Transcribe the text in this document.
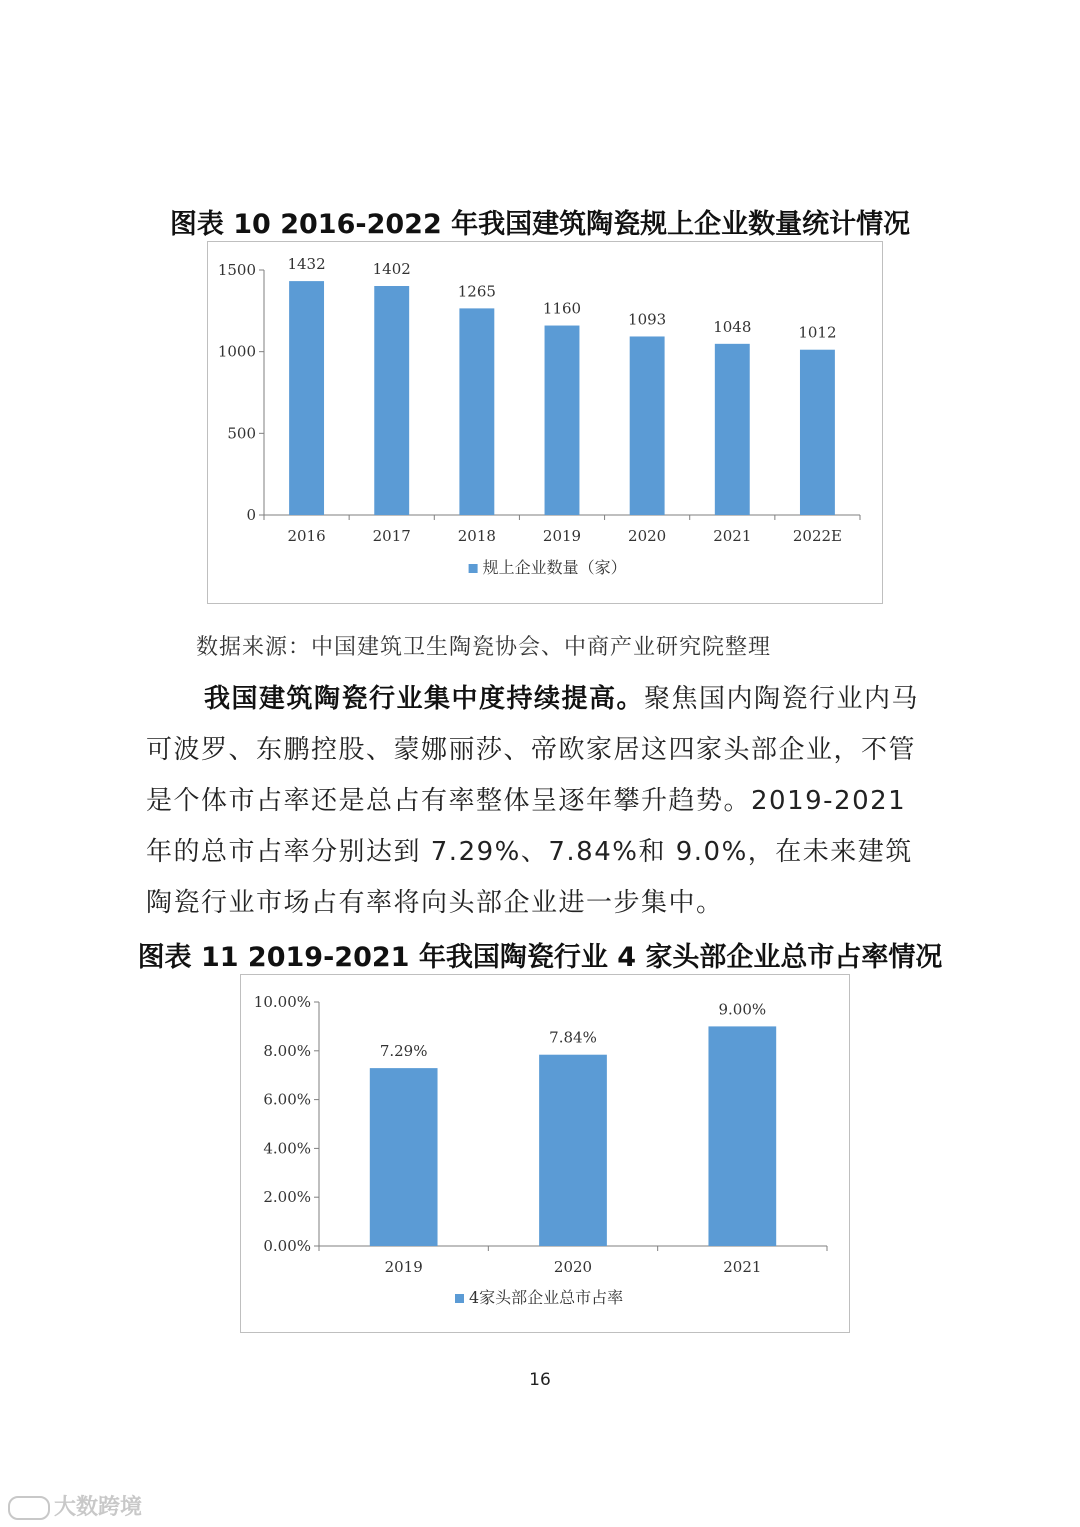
图表 10 2016-2022 年我国建筑陶瓷规上企业数量统计情况
0
500
1000
1500 1432
2016
1402
2017
1265
2018
1160
2019
1093
2020
1048
2021
1012
2022E
规上企业数量（家）
数据来源：中国建筑卫生陶瓷协会、中商产业研究院整理
我国建筑陶瓷行业集中度持续提高。聚焦国内陶瓷行业内马
可波罗、东鹏控股、蒙娜丽莎、帝欧家居这四家头部企业，不管
是个体市占率还是总占有率整体呈逐年攀升趋势。2019-2021
年的总市占率分别达到 7.29%、7.84%和 9.0%，在未来建筑
陶瓷行业市场占有率将向头部企业进一步集中。
图表 11 2019-2021 年我国陶瓷行业 4 家头部企业总市占率情况
0.00%
2.00%
4.00%
6.00%
8.00%
10.00%
7.29%
2019
7.84%
2020
9.00%
2021
4家头部企业总市占率
16
大数跨境
